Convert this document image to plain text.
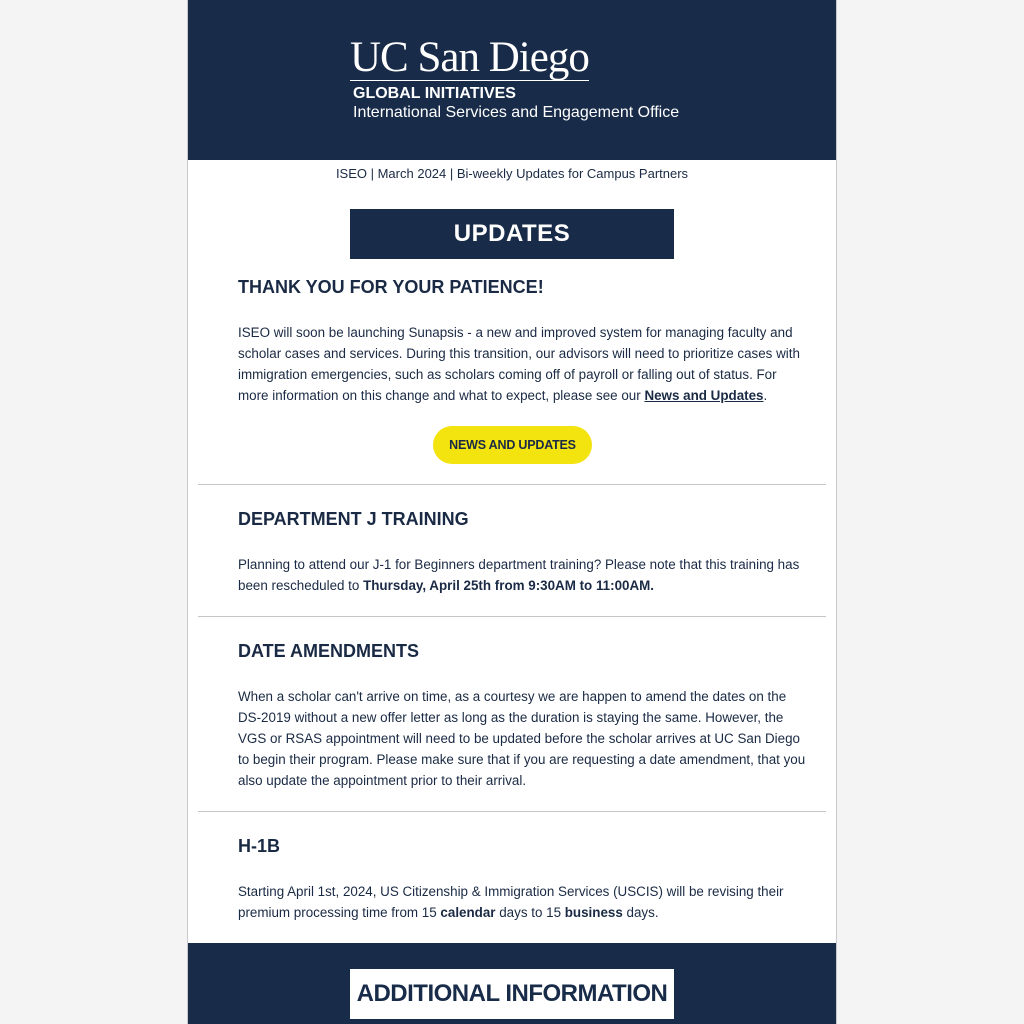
UC San Diego
GLOBAL INITIATIVES
International Services and Engagement Office
ISEO | March 2024 | Bi-weekly Updates for Campus Partners
UPDATES
THANK YOU FOR YOUR PATIENCE!
ISEO will soon be launching Sunapsis - a new and improved system for managing faculty and scholar cases and services. During this transition, our advisors will need to prioritize cases with immigration emergencies, such as scholars coming off of payroll or falling out of status. For more information on this change and what to expect, please see our News and Updates.
NEWS AND UPDATES
DEPARTMENT J TRAINING
Planning to attend our J-1 for Beginners department training? Please note that this training has been rescheduled to Thursday, April 25th from 9:30AM to 11:00AM.
DATE AMENDMENTS
When a scholar can't arrive on time, as a courtesy we are happen to amend the dates on the DS-2019 without a new offer letter as long as the duration is staying the same. However, the VGS or RSAS appointment will need to be updated before the scholar arrives at UC San Diego to begin their program. Please make sure that if you are requesting a date amendment, that you also update the appointment prior to their arrival.
H-1B
Starting April 1st, 2024, US Citizenship & Immigration Services (USCIS) will be revising their premium processing time from 15 calendar days to 15 business days.
ADDITIONAL INFORMATION
